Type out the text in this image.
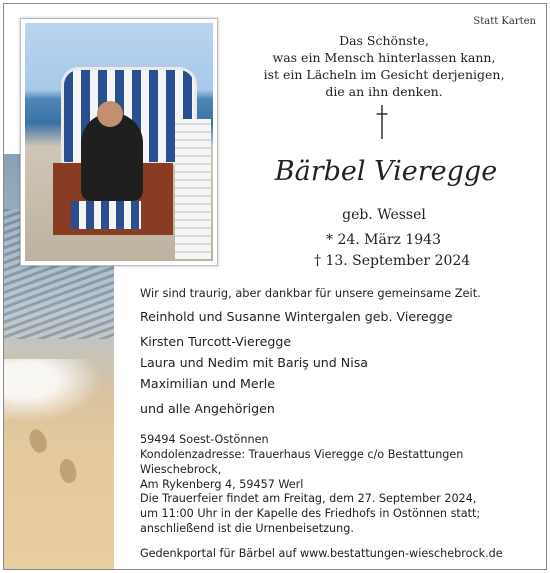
Statt Karten
Das Schönste,
was ein Mensch hinterlassen kann,
ist ein Lächeln im Gesicht derjenigen,
die an ihn denken.
Bärbel Vieregge
geb. Wessel
* 24. März 1943
† 13. September 2024
Wir sind traurig, aber dankbar für unsere gemeinsame Zeit.
Reinhold und Susanne Wintergalen geb. Vieregge
Kirsten Turcott-Vieregge
Laura und Nedim mit Bariş und Nisa
Maximilian und Merle
und alle Angehörigen
59494 Soest-Ostönnen
Kondolenzadresse: Trauerhaus Vieregge c/o Bestattungen Wieschebrock,
Am Rykenberg 4, 59457 Werl
Die Trauerfeier findet am Freitag, dem 27. September 2024,
um 11:00 Uhr in der Kapelle des Friedhofs in Ostönnen statt;
anschließend ist die Urnenbeisetzung.
Gedenkportal für Bärbel auf www.bestattungen-wieschebrock.de
